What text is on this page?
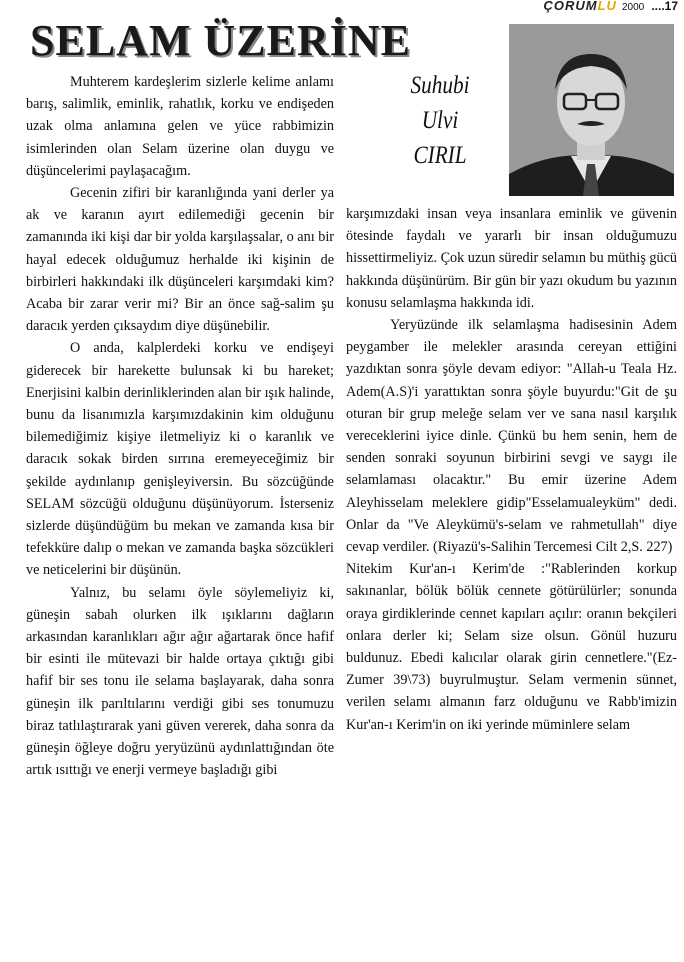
ÇORUMLU 2000 ....17
SELAM ÜZERİNE
Suhubi
Ulvi
CIRIL

Muhterem kardeşlerim sizlerle kelime anlamı barış, salimlik, eminlik, rahatlık, korku ve endişeden uzak olma anlamına gelen ve yüce rabbimizin isimlerinden olan Selam üzerine olan duygu ve düşüncelerimi paylaşacağım.

Gecenin zifiri bir karanlığında yani derler ya ak ve karanın ayırt edilemediği gecenin bir zamanında iki kişi dar bir yolda karşılaşsalar, o anı bir hayal edecek olduğumuz herhalde iki kişinin de birbirleri hakkındaki ilk düşünceleri karşımdaki kim? Acaba bir zarar verir mi? Bir an önce sağ-salim şu daracık yerden çıksaydım diye düşünebilir.

O anda, kalplerdeki korku ve endişeyi giderecek bir harekette bulunsak ki bu hareket; Enerjisini kalbin derinliklerinden alan bir ışık halinde, bunu da lisanımızla karşımızdakinin kim olduğunu bilemediğimiz kişiye iletmeliyiz ki o karanlık ve daracık sokak birden sırrına eremeyeceğimiz bir şekilde aydınlanıp genişleyiversin. Bu sözcüğünde SELAM sözcüğü olduğunu düşünüyorum. İsterseniz sizlerde düşündüğüm bu mekan ve zamanda kısa bir tefekküre dalıp o mekan ve zamanda başka sözcükleri ve neticelerini bir düşünün.

Yalnız, bu selamı öyle söylemeliyiz ki, güneşin sabah olurken ilk ışıklarını dağların arkasından karanlıkları ağır ağır ağartarak önce hafif bir esinti ile mütevazi bir halde ortaya çıktığı gibi hafif bir ses tonu ile selama başlayarak, daha sonra güneşin ilk parıltılarını verdiği gibi ses tonumuzu biraz tatlılaştırarak yani güven vererek, daha sonra da güneşin öğleye doğru yeryüzünü aydınlattığından öte artık ısıttığı ve enerji vermeye başladığı gibi

karşımızdaki insan veya insanlara eminlik ve güvenin ötesinde faydalı ve yararlı bir insan olduğumuzu hissettirmeliyiz. Çok uzun süredir selamın bu müthiş gücü hakkında düşünürüm. Bir gün bir yazı okudum bu yazının konusu selamlaşma hakkında idi.

Yeryüzünde ilk selamlaşma hadisesinin Adem peygamber ile melekler arasında cereyan ettiğini yazdıktan sonra şöyle devam ediyor: "Allah-u Teala Hz. Adem(A.S)'i yarattıktan sonra şöyle buyurdu:"Git de şu oturan bir grup meleğe selam ver ve sana nasıl karşılık vereceklerini iyice dinle. Çünkü bu hem senin, hem de senden sonraki soyunun birbirini sevgi ve saygı ile selamlaması olacaktır." Bu emir üzerine Adem Aleyhisselam meleklere gidip"Esselamualeyküm" dedi. Onlar da "Ve Aleykümü's-selam ve rahmetullah" diye cevap verdiler. (Riyazü's-Salihin Tercemesi Cilt 2,S. 227)

Nitekim Kur'an-ı Kerim'de :"Rablerinden korkup sakınanlar, bölük bölük cennete götürülürler; sonunda oraya girdiklerinde cennet kapıları açılır: oranın bekçileri onlara derler ki; Selam size olsun. Gönül huzuru buldunuz. Ebedi kalıcılar olarak girin cennetlere."(Ez-Zumer 39\73) buyrulmuştur. Selam vermenin sünnet, verilen selamı almanın farz olduğunu ve Rabb'imizin Kur'an-ı Kerim'in on iki yerinde müminlere selam
